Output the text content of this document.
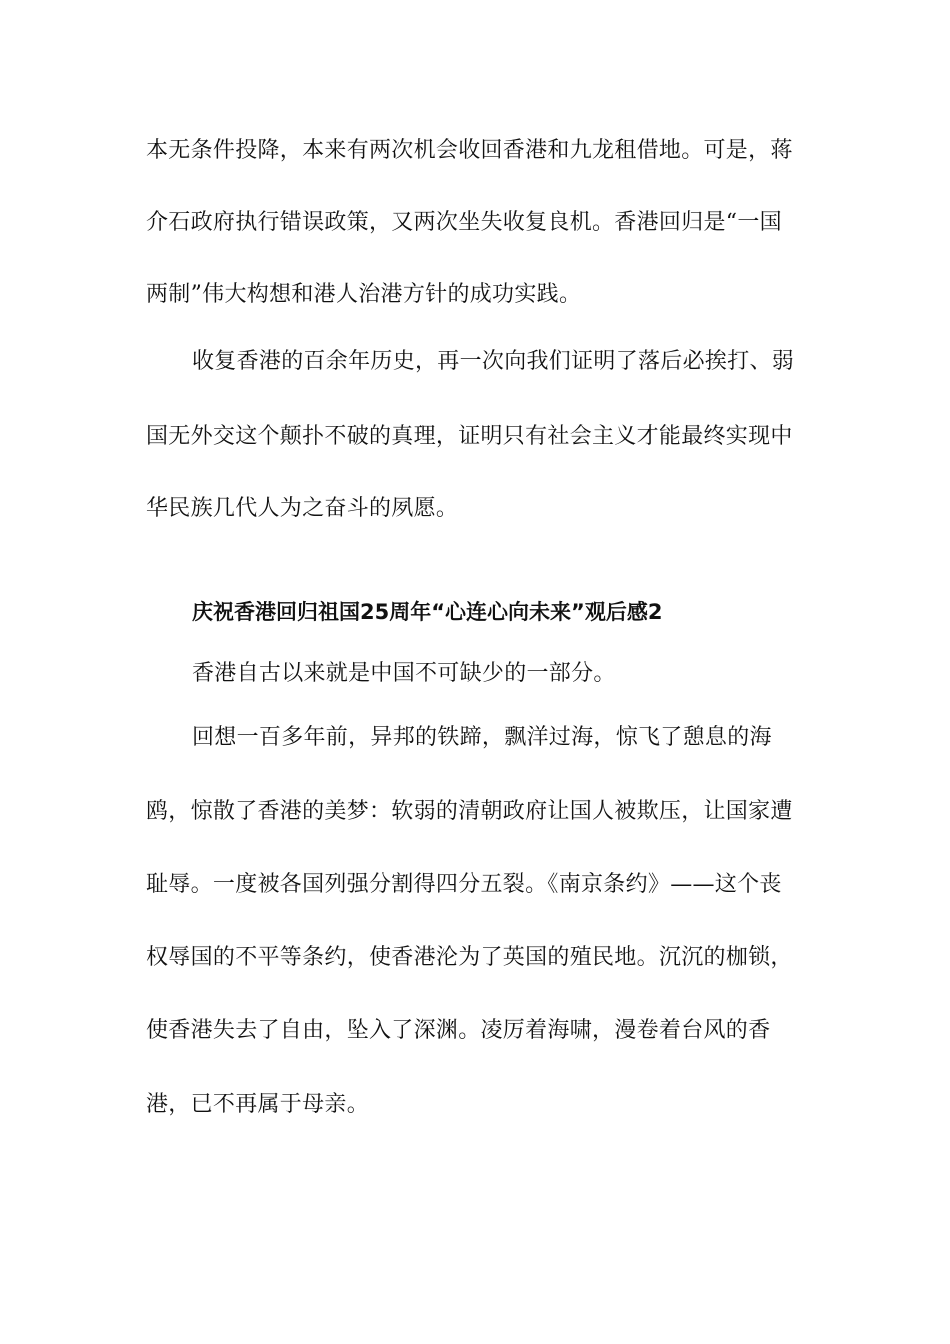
本无条件投降，本来有两次机会收回香港和九龙租借地。可是，蒋
介石政府执行错误政策，又两次坐失收复良机。香港回归是“一国
两制”伟大构想和港人治港方针的成功实践。
收复香港的百余年历史，再一次向我们证明了落后必挨打、弱
国无外交这个颠扑不破的真理，证明只有社会主义才能最终实现中
华民族几代人为之奋斗的夙愿。
庆祝香港回归祖国25周年“心连心向未来”观后感2
香港自古以来就是中国不可缺少的一部分。
回想一百多年前，异邦的铁蹄，飘洋过海，惊飞了憩息的海
鸥，惊散了香港的美梦：软弱的清朝政府让国人被欺压，让国家遭
耻辱。一度被各国列强分割得四分五裂。《南京条约》——这个丧
权辱国的不平等条约，使香港沦为了英国的殖民地。沉沉的枷锁，
使香港失去了自由，坠入了深渊。凌厉着海啸，漫卷着台风的香
港，已不再属于母亲。
